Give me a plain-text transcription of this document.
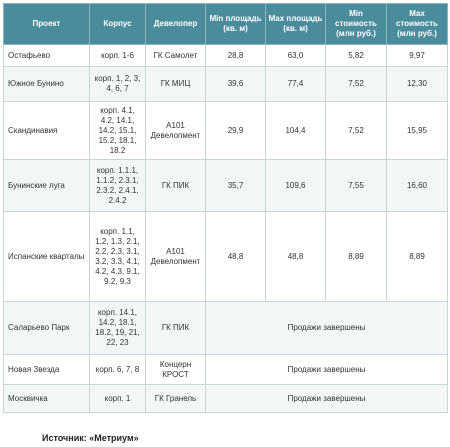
Проект	Корпус	Девелопер	Min площадь (кв. м)	Max площадь (кв. м)	Min стоимость (млн руб.)	Max стоимость (млн руб.)
Остафьево	корп. 1-6	ГК Самолет	28,8	63,0	5,82	9,97
Южное Бунино	корп. 1, 2, 3, 4, 6, 7	ГК МИЦ	39,6	77,4	7,52	12,30
Скандинавия	корп. 4.1, 4.2, 14.1, 14.2, 15.1, 15.2, 18.1, 18.2	А101 Девелопмент	29,9	104,4	7,52	15,95
Бунинские луга	корп. 1.1.1, 1.1.2, 2.3.1, 2.3.2, 2.4.1, 2.4.2	ГК ПИК	35,7	109,6	7,55	16,60
Испанские кварталы	корп. 1.1, 1.2, 1.3, 2.1, 2.2, 2.3, 3.1, 3.2, 3.3, 4.1, 4.2, 4.3, 9.1, 9.2, 9.3	А101 Девелопмент	48,8	48,8	8,89	8,89
Саларьево Парк	корп. 14.1, 14.2, 18.1, 18.2, 19, 21, 22, 23	ГК ПИК	Продажи завершены			
Новая Звезда	корп. 6, 7, 8	Концерн КРОСТ	Продажи завершены			
Москвичка	корп. 1	ГК Гранель	Продажи завершены			
Источник: «Метриум»
